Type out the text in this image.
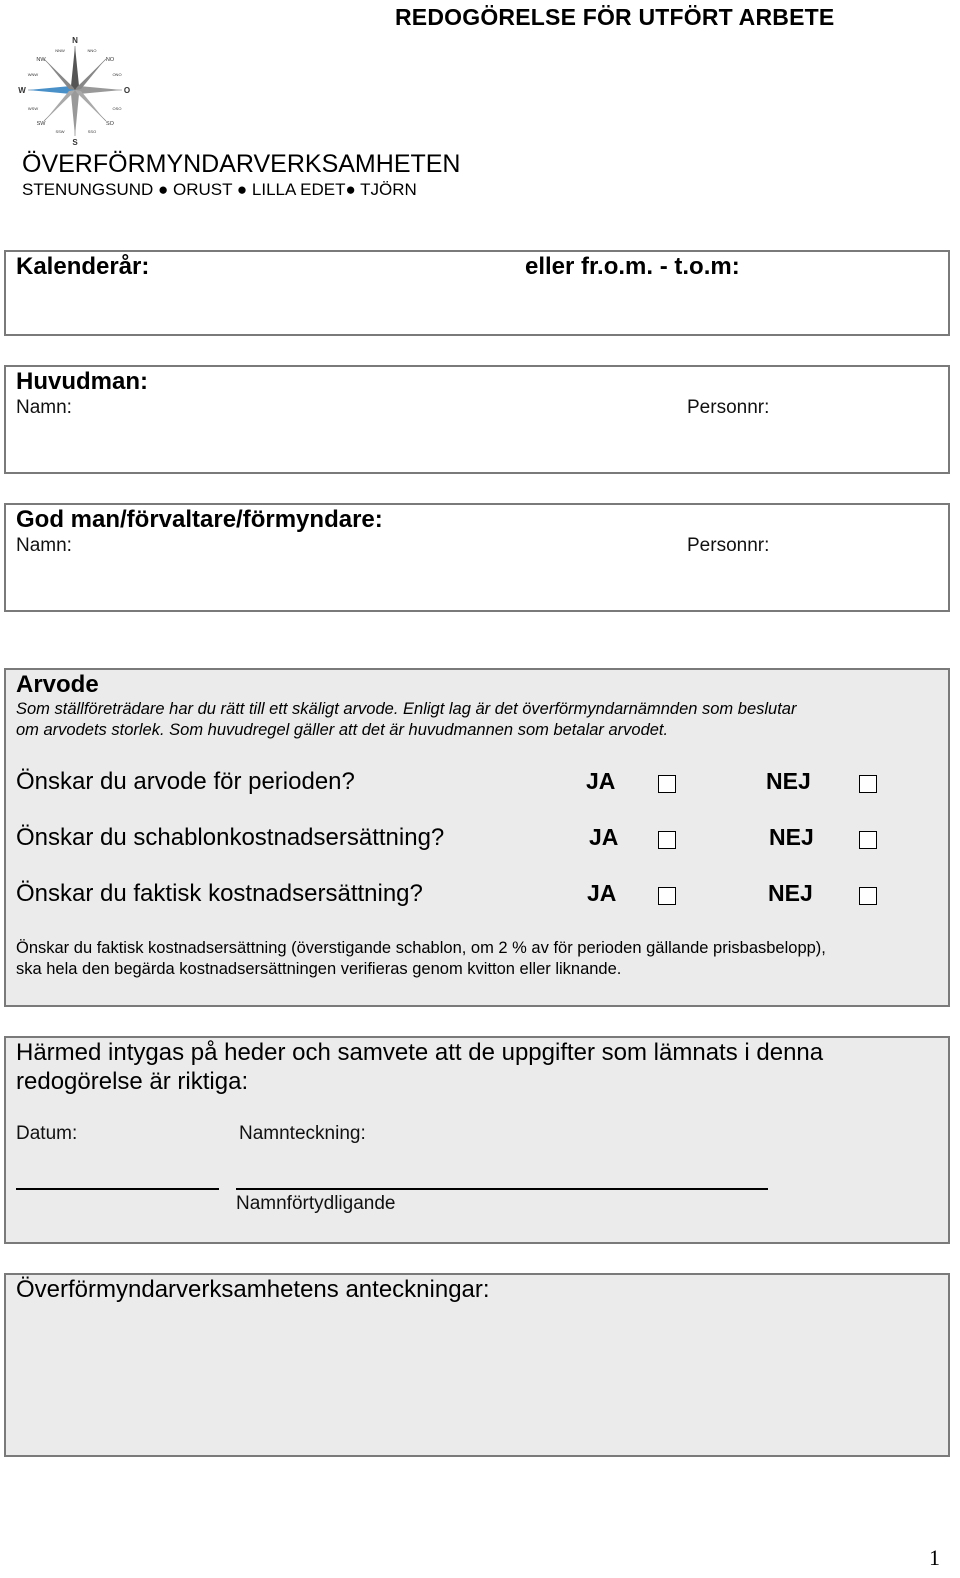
REDOGÖRELSE FÖR UTFÖRT ARBETE
N
S
W	O
NW	NO
SW	SO
NNW	NNO
WNW	ONO
WSW	OSO
SSW	SSO
ÖVERFÖRMYNDARVERKSAMHETEN
STENUNGSUND ● ORUST ● LILLA EDET● TJÖRN
Kalenderår:	eller fr.o.m. - t.o.m:
Huvudman:
Namn:	Personnr:
God man/förvaltare/förmyndare:
Namn:	Personnr:
Arvode
Som ställföreträdare har du rätt till ett skäligt arvode. Enligt lag är det överförmyndarnämnden som beslutar
om arvodets storlek. Som huvudregel gäller att det är huvudmannen som betalar arvodet.
Önskar du arvode för perioden?	JA	NEJ
Önskar du schablonkostnadsersättning?	JA	NEJ
Önskar du faktisk kostnadsersättning?	JA	NEJ
Önskar du faktisk kostnadsersättning (överstigande schablon, om 2 % av för perioden gällande prisbasbelopp),
ska hela den begärda kostnadsersättningen verifieras genom kvitton eller liknande.
Härmed intygas på heder och samvete att de uppgifter som lämnats i denna
redogörelse är riktiga:
Datum:	Namnteckning:
Namnförtydligande
Överförmyndarverksamhetens anteckningar:
1
